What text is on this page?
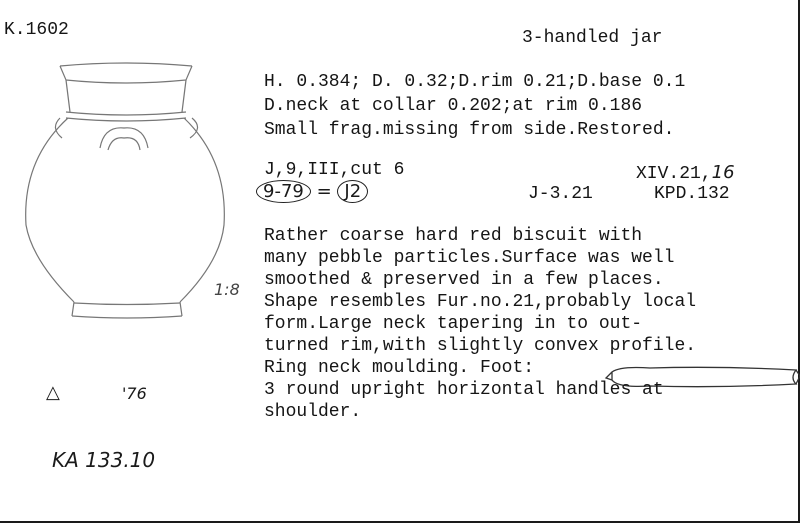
K.1602	3-handled jar
H. 0.384; D. 0.32;D.rim 0.21;D.base 0.1
D.neck at collar 0.202;at rim 0.186
Small frag.missing from side.Restored.
J,9,III,cut 6	XIV.21,16
9-79 = J2	J-3.21	KPD.132
Rather coarse hard red biscuit with
many pebble particles.Surface was well
smoothed & preserved in a few places.
Shape resembles Fur.no.21,probably local
form.Large neck tapering in to out-
turned rim,with slightly convex profile.
Ring neck moulding. Foot:
3 round upright horizontal handles at
shoulder.
1:8
△	'76
KA 133.10
